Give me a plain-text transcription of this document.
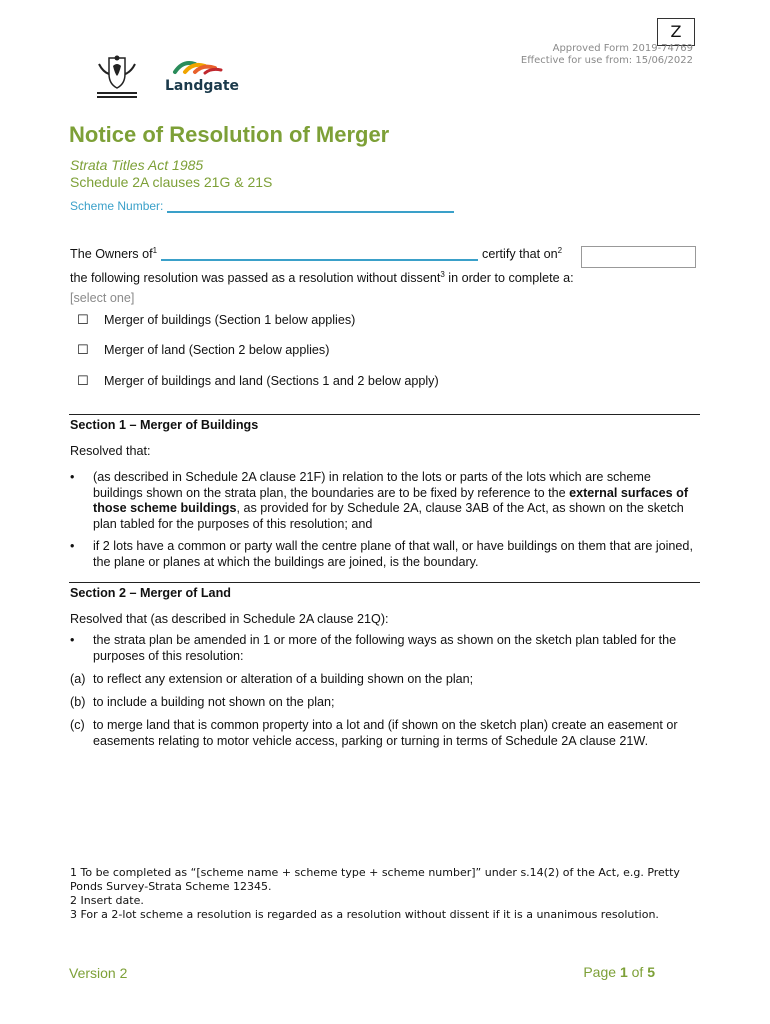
Z
Approved Form 2019-74769
Effective for use from: 15/06/2022
Landgate
Notice of Resolution of Merger
Strata Titles Act 1985
Schedule 2A clauses 21G & 21S
Scheme Number:
The Owners $of^1$	certify that $on^2$
the following resolution was passed as a resolution without dissent$^3$ in order to complete a:
[select one]
☐ Merger of buildings (Section 1 below applies)
☐ Merger of land (Section 2 below applies)
☐ Merger of buildings and land (Sections 1 and 2 below apply)
Section 1 – Merger of Buildings
Resolved that:
• (as described in Schedule 2A clause 21F) in relation to the lots or parts of the lots which are scheme buildings shown on the strata plan, the boundaries are to be fixed by reference to the external surfaces of those scheme buildings, as provided for by Schedule 2A, clause 3AB of the Act, as shown on the sketch plan tabled for the purposes of this resolution; and
• if 2 lots have a common or party wall the centre plane of that wall, or have buildings on them that are joined, the plane or planes at which the buildings are joined, is the boundary.
Section 2 – Merger of Land
Resolved that (as described in Schedule 2A clause 21Q):
• the strata plan be amended in 1 or more of the following ways as shown on the sketch plan tabled for the purposes of this resolution:
(a) to reflect any extension or alteration of a building shown on the plan;
(b) to include a building not shown on the plan;
(c) to merge land that is common property into a lot and (if shown on the sketch plan) create an easement or easements relating to motor vehicle access, parking or turning in terms of Schedule 2A clause 21W.
1 To be completed as “[scheme name + scheme type + scheme number]” under s.14(2) of the Act, e.g. Pretty Ponds Survey-Strata Scheme 12345.
2 Insert date.
3 For a 2-lot scheme a resolution is regarded as a resolution without dissent if it is a unanimous resolution.
Version 2	Page 1 of 5
